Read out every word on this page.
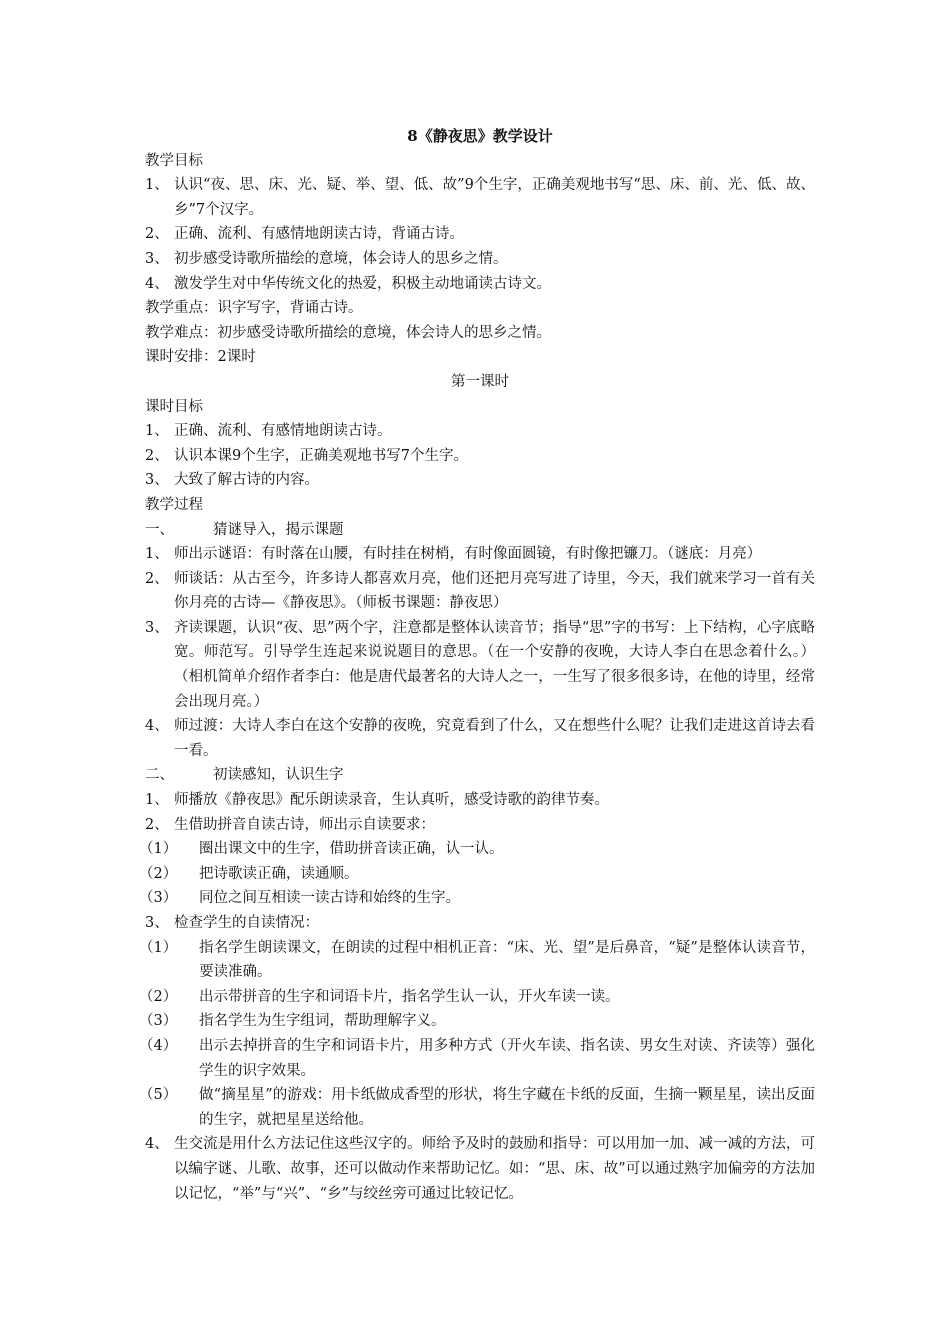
8《静夜思》教学设计
教学目标
1、 认识“夜、思、床、光、疑、举、望、低、故”9个生字，正确美观地书写“思、床、前、光、低、故、乡”7个汉字。
2、 正确、流利、有感情地朗读古诗，背诵古诗。
3、 初步感受诗歌所描绘的意境，体会诗人的思乡之情。
4、 激发学生对中华传统文化的热爱，积极主动地诵读古诗文。
教学重点：识字写字，背诵古诗。
教学难点：初步感受诗歌所描绘的意境，体会诗人的思乡之情。
课时安排：2课时
第一课时
课时目标
1、 正确、流利、有感情地朗读古诗。
2、 认识本课9个生字，正确美观地书写7个生字。
3、 大致了解古诗的内容。
教学过程
一、	猜谜导入，揭示课题
1、 师出示谜语：有时落在山腰，有时挂在树梢，有时像面圆镜，有时像把镰刀。（谜底：月亮）
2、 师谈话：从古至今，许多诗人都喜欢月亮，他们还把月亮写进了诗里，今天，我们就来学习一首有关你月亮的古诗—《静夜思》。（师板书课题：静夜思）
3、 齐读课题，认识“夜、思”两个字，注意都是整体认读音节；指导“思”字的书写：上下结构，心字底略宽。师范写。引导学生连起来说说题目的意思。（在一个安静的夜晚，大诗人李白在思念着什么。）（相机简单介绍作者李白：他是唐代最著名的大诗人之一，一生写了很多很多诗，在他的诗里，经常会出现月亮。）
4、 师过渡：大诗人李白在这个安静的夜晚，究竟看到了什么，又在想些什么呢？让我们走进这首诗去看一看。
二、	初读感知，认识生字
1、 师播放《静夜思》配乐朗读录音，生认真听，感受诗歌的韵律节奏。
2、 生借助拼音自读古诗，师出示自读要求：
（1）	圈出课文中的生字，借助拼音读正确，认一认。
（2）	把诗歌读正确，读通顺。
（3）	同位之间互相读一读古诗和始终的生字。
3、 检查学生的自读情况：
（1）	指名学生朗读课文，在朗读的过程中相机正音：“床、光、望”是后鼻音，“疑”是整体认读音节，要读准确。
（2）	出示带拼音的生字和词语卡片，指名学生认一认，开火车读一读。
（3）	指名学生为生字组词，帮助理解字义。
（4）	出示去掉拼音的生字和词语卡片，用多种方式（开火车读、指名读、男女生对读、齐读等）强化学生的识字效果。
（5）	做“摘星星”的游戏：用卡纸做成香型的形状，将生字藏在卡纸的反面，生摘一颗星星，读出反面的生字，就把星星送给他。
4、 生交流是用什么方法记住这些汉字的。师给予及时的鼓励和指导：可以用加一加、减一减的方法，可以编字谜、儿歌、故事，还可以做动作来帮助记忆。如：“思、床、故”可以通过熟字加偏旁的方法加以记忆，“举”与“兴”、“乡”与绞丝旁可通过比较记忆。
